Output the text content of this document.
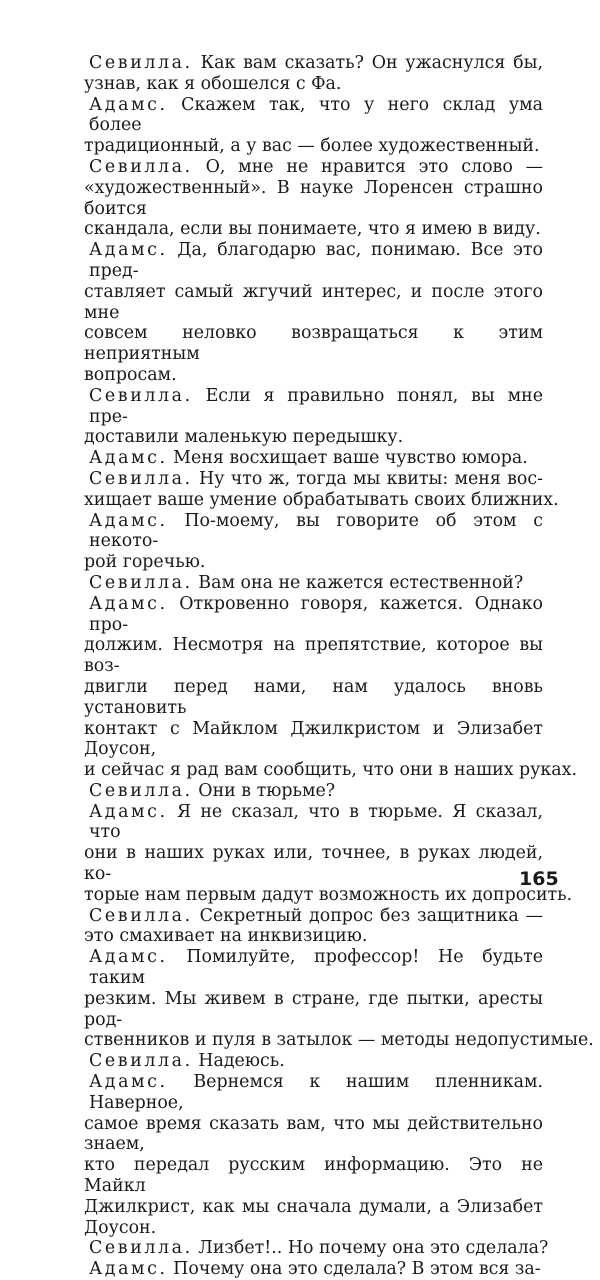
Севилла. Как вам сказать? Он ужаснулся бы,
узнав, как я обошелся с Фа.

Адамс. Скажем так, что у него склад ума более
традиционный, а у вас — более художественный.

Севилла. О, мне не нравится это слово —
«художественный». В науке Лоренсен страшно боится
скандала, если вы понимаете, что я имею в виду.

Адамс. Да, благодарю вас, понимаю. Все это пред-
ставляет самый жгучий интерес, и после этого мне
совсем неловко возвращаться к этим неприятным
вопросам.

Севилла. Если я правильно понял, вы мне пре-
доставили маленькую передышку.

Адамс. Меня восхищает ваше чувство юмора.

Севилла. Ну что ж, тогда мы квиты: меня вос-
хищает ваше умение обрабатывать своих ближних.

Адамс. По-моему, вы говорите об этом с некото-
рой горечью.

Севилла. Вам она не кажется естественной?

Адамс. Откровенно говоря, кажется. Однако про-
должим. Несмотря на препятствие, которое вы воз-
двигли перед нами, нам удалось вновь установить
контакт с Майклом Джилкристом и Элизабет Доусон,
и сейчас я рад вам сообщить, что они в наших руках.

Севилла. Они в тюрьме?

Адамс. Я не сказал, что в тюрьме. Я сказал, что
они в наших руках или, точнее, в руках людей, ко-
торые нам первым дадут возможность их допросить.

Севилла. Секретный допрос без защитника —
это смахивает на инквизицию.

Адамс. Помилуйте, профессор! Не будьте таким
резким. Мы живем в стране, где пытки, аресты род-
ственников и пуля в затылок — методы недопустимые.

Севилла. Надеюсь.

Адамс. Вернемся к нашим пленникам. Наверное,
самое время сказать вам, что мы действительно знаем,
кто передал русским информацию. Это не Майкл
Джилкрист, как мы сначала думали, а Элизабет
Доусон.

Севилла. Лизбет!.. Но почему она это сделала?

Адамс. Почему она это сделала? В этом вся за-

165
